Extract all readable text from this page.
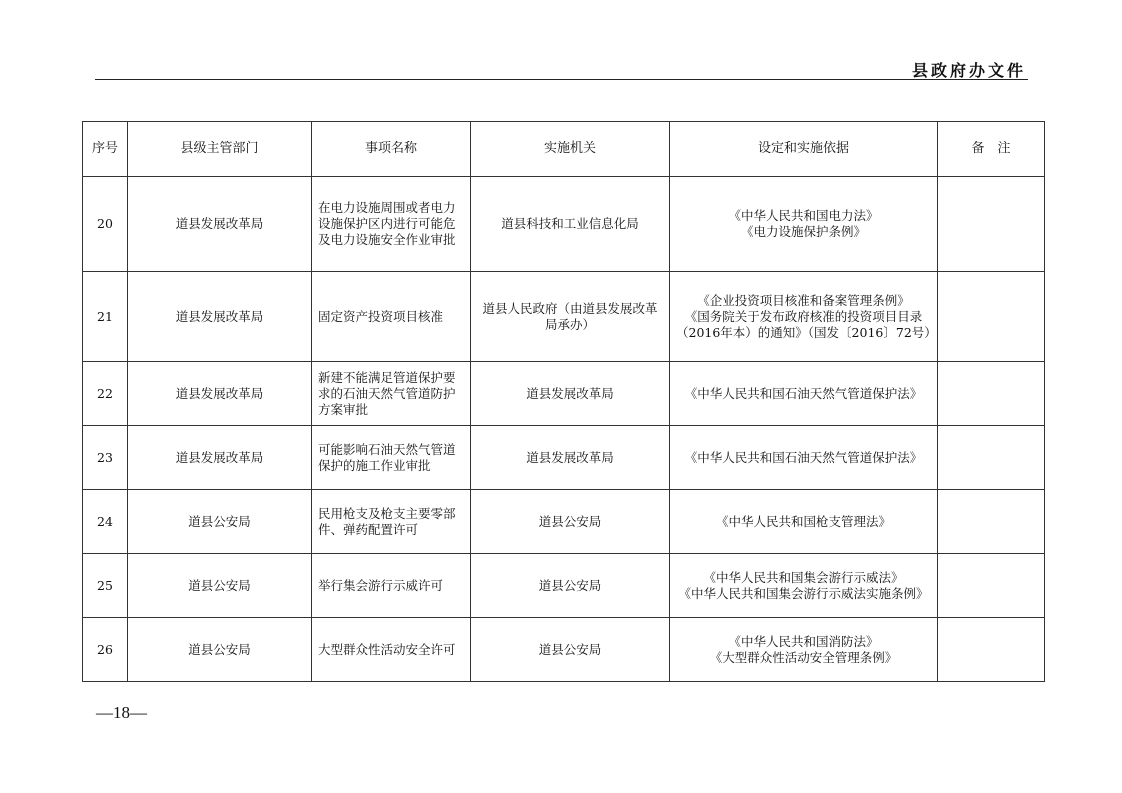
县政府办文件
序号	县级主管部门	事项名称	实施机关	设定和实施依据	备　注
20	道县发展改革局	在电力设施周围或者电力设施保护区内进行可能危及电力设施安全作业审批	道县科技和工业信息化局	《中华人民共和国电力法》
《电力设施保护条例》	
21	道县发展改革局	固定资产投资项目核准	道县人民政府（由道县发展改革局承办）	《企业投资项目核准和备案管理条例》
《国务院关于发布政府核准的投资项目目录（2016年本）的通知》（国发〔2016〕72号）	
22	道县发展改革局	新建不能满足管道保护要求的石油天然气管道防护方案审批	道县发展改革局	《中华人民共和国石油天然气管道保护法》	
23	道县发展改革局	可能影响石油天然气管道保护的施工作业审批	道县发展改革局	《中华人民共和国石油天然气管道保护法》	
24	道县公安局	民用枪支及枪支主要零部件、弹药配置许可	道县公安局	《中华人民共和国枪支管理法》	
25	道县公安局	举行集会游行示威许可	道县公安局	《中华人民共和国集会游行示威法》
《中华人民共和国集会游行示威法实施条例》	
26	道县公安局	大型群众性活动安全许可	道县公安局	《中华人民共和国消防法》
《大型群众性活动安全管理条例》	
—18—
